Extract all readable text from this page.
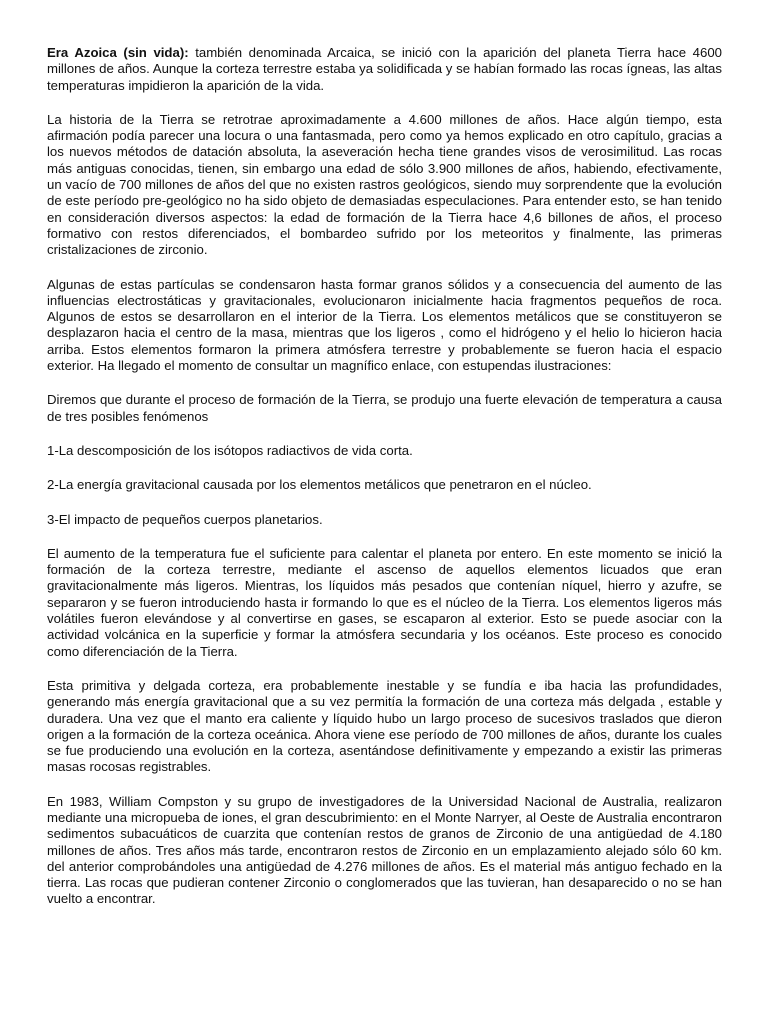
Era Azoica (sin vida): también denominada Arcaica, se inició con la aparición del planeta Tierra hace 4600 millones de años. Aunque la corteza terrestre estaba ya solidificada y se habían formado las rocas ígneas, las altas temperaturas impidieron la aparición de la vida.

La historia de la Tierra se retrotrae aproximadamente a 4.600 millones de años. Hace algún tiempo, esta afirmación podía parecer una locura o una fantasmada, pero como ya hemos explicado en otro capítulo, gracias a los nuevos métodos de datación absoluta, la aseveración hecha tiene grandes visos de verosimilitud. Las rocas más antiguas conocidas, tienen, sin embargo una edad de sólo 3.900 millones de años, habiendo, efectivamente, un vacío de 700 millones de años del que no existen rastros geológicos, siendo muy sorprendente que la evolución de este período pre-geológico no ha sido objeto de demasiadas especulaciones. Para entender esto, se han tenido en consideración diversos aspectos: la edad de formación de la Tierra hace 4,6 billones de años, el proceso formativo con restos diferenciados, el bombardeo sufrido por los meteoritos y finalmente, las primeras cristalizaciones de zirconio.

Algunas de estas partículas se condensaron hasta formar granos sólidos y a consecuencia del aumento de las influencias electrostáticas y gravitacionales, evolucionaron inicialmente hacia fragmentos pequeños de roca. Algunos de estos se desarrollaron en el interior de la Tierra. Los elementos metálicos que se constituyeron se desplazaron hacia el centro de la masa, mientras que los ligeros , como el hidrógeno y el helio lo hicieron hacia arriba. Estos elementos formaron la primera atmósfera terrestre y probablemente se fueron hacia el espacio exterior. Ha llegado el momento de consultar un magnífico enlace, con estupendas ilustraciones:

Diremos que durante el proceso de formación de la Tierra, se produjo una fuerte elevación de temperatura a causa de tres posibles fenómenos

1-La descomposición de los isótopos radiactivos de vida corta.

2-La energía gravitacional causada por los elementos metálicos que penetraron en el núcleo.

3-El impacto de pequeños cuerpos planetarios.

El aumento de la temperatura fue el suficiente para calentar el planeta por entero. En este momento se inició la formación de la corteza terrestre, mediante el ascenso de aquellos elementos licuados que eran gravitacionalmente más ligeros. Mientras, los líquidos más pesados que contenían níquel, hierro y azufre, se separaron y se fueron introduciendo hasta ir formando lo que es el núcleo de la Tierra. Los elementos ligeros más volátiles fueron elevándose y al convertirse en gases, se escaparon al exterior. Esto se puede asociar con la actividad volcánica en la superficie y formar la atmósfera secundaria y los océanos. Este proceso es conocido como diferenciación de la Tierra.

Esta primitiva y delgada corteza, era probablemente inestable y se fundía e iba hacia las profundidades, generando más energía gravitacional que a su vez permitía la formación de una corteza más delgada , estable y duradera. Una vez que el manto era caliente y líquido hubo un largo proceso de sucesivos traslados que dieron origen a la formación de la corteza oceánica. Ahora viene ese período de 700 millones de años, durante los cuales se fue produciendo una evolución en la corteza, asentándose definitivamente y empezando a existir las primeras masas rocosas registrables.

En 1983, William Compston y su grupo de investigadores de la Universidad Nacional de Australia, realizaron mediante una micropueba de iones, el gran descubrimiento: en el Monte Narryer, al Oeste de Australia encontraron sedimentos subacuáticos de cuarzita que contenían restos de granos de Zirconio de una antigüedad de 4.180 millones de años. Tres años más tarde, encontraron restos de Zirconio en un emplazamiento alejado sólo 60 km. del anterior comprobándoles una antigüedad de 4.276 millones de años. Es el material más antiguo fechado en la tierra. Las rocas que pudieran contener Zirconio o conglomerados que las tuvieran, han desaparecido o no se han vuelto a encontrar.
